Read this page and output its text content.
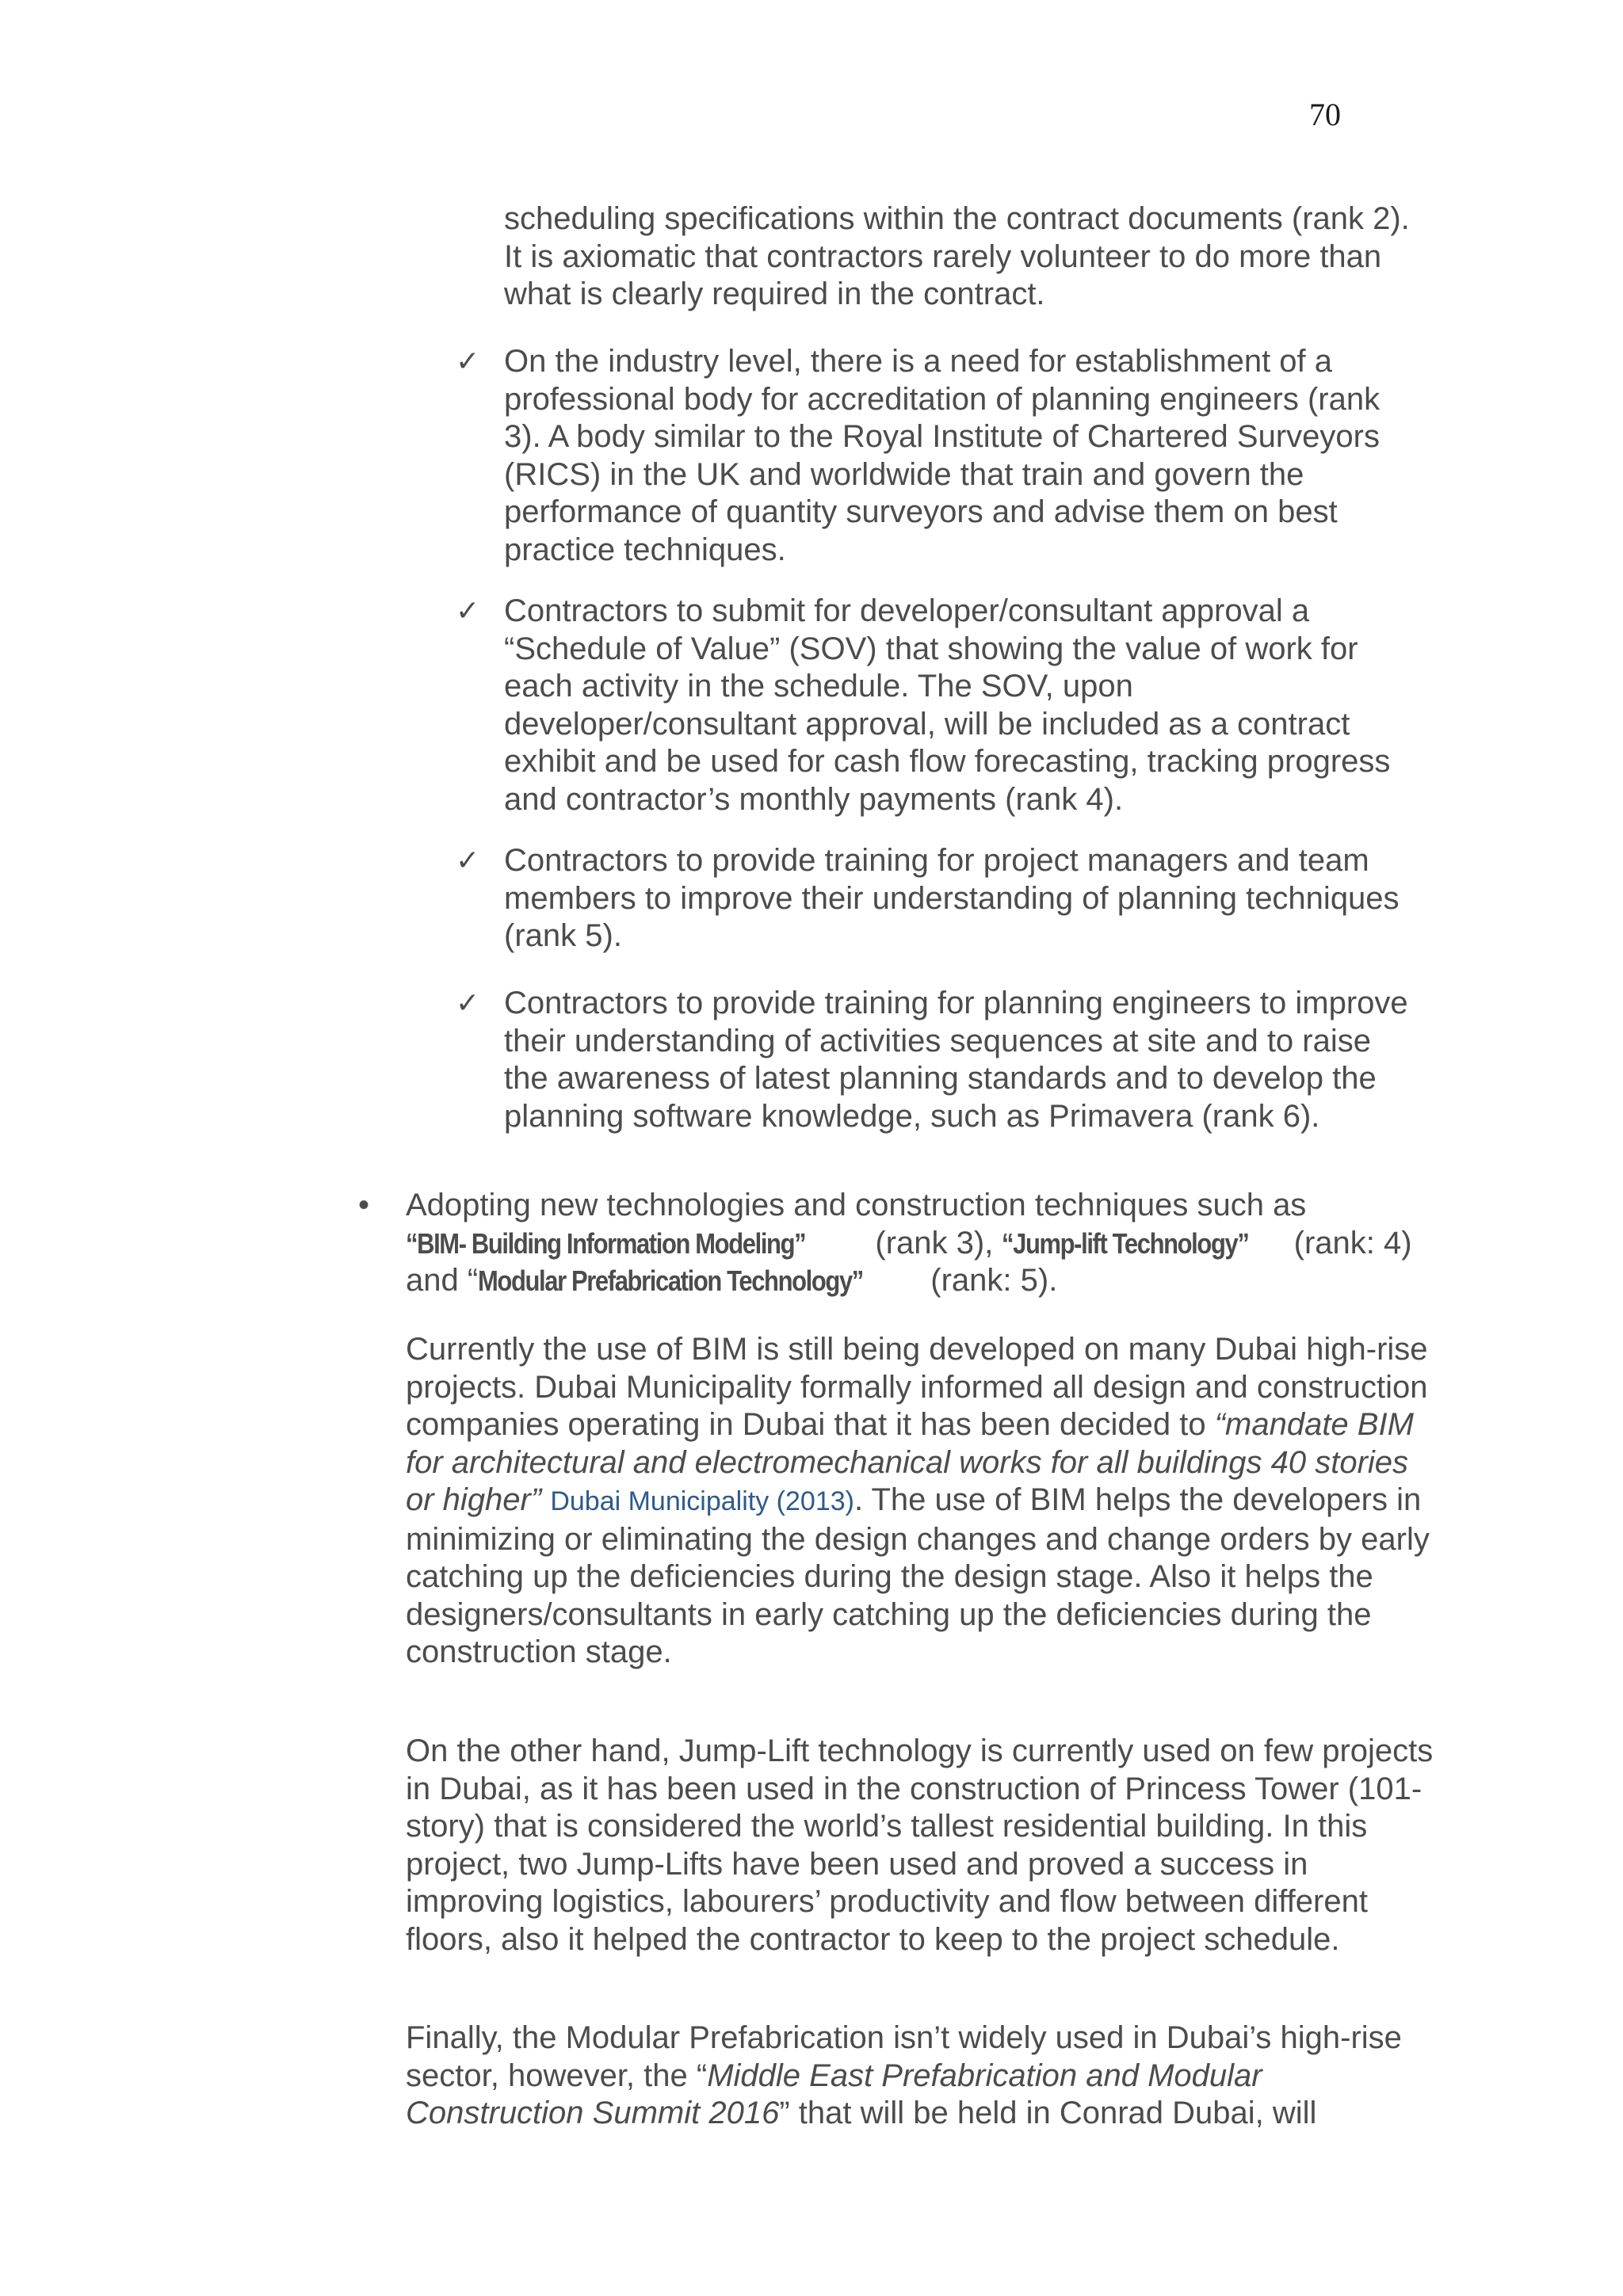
70

scheduling specifications within the contract documents (rank 2). It is axiomatic that contractors rarely volunteer to do more than what is clearly required in the contract.

✓ On the industry level, there is a need for establishment of a professional body for accreditation of planning engineers (rank 3). A body similar to the Royal Institute of Chartered Surveyors (RICS) in the UK and worldwide that train and govern the performance of quantity surveyors and advise them on best practice techniques.

✓ Contractors to submit for developer/consultant approval a “Schedule of Value” (SOV) that showing the value of work for each activity in the schedule. The SOV, upon developer/consultant approval, will be included as a contract exhibit and be used for cash flow forecasting, tracking progress and contractor’s monthly payments (rank 4).

✓ Contractors to provide training for project managers and team members to improve their understanding of planning techniques (rank 5).

✓ Contractors to provide training for planning engineers to improve their understanding of activities sequences at site and to raise the awareness of latest planning standards and to develop the planning software knowledge, such as Primavera (rank 6).

• Adopting new technologies and construction techniques such as “BIM- Building Information Modeling” (rank 3), “Jump-lift Technology” (rank: 4) and “Modular Prefabrication Technology” (rank: 5).

Currently the use of BIM is still being developed on many Dubai high-rise projects. Dubai Municipality formally informed all design and construction companies operating in Dubai that it has been decided to “mandate BIM for architectural and electromechanical works for all buildings 40 stories or higher” Dubai Municipality (2013). The use of BIM helps the developers in minimizing or eliminating the design changes and change orders by early catching up the deficiencies during the design stage. Also it helps the designers/consultants in early catching up the deficiencies during the construction stage.

On the other hand, Jump-Lift technology is currently used on few projects in Dubai, as it has been used in the construction of Princess Tower (101-story) that is considered the world’s tallest residential building. In this project, two Jump-Lifts have been used and proved a success in improving logistics, labourers’ productivity and flow between different floors, also it helped the contractor to keep to the project schedule.

Finally, the Modular Prefabrication isn’t widely used in Dubai’s high-rise sector, however, the “Middle East Prefabrication and Modular Construction Summit 2016” that will be held in Conrad Dubai, will
